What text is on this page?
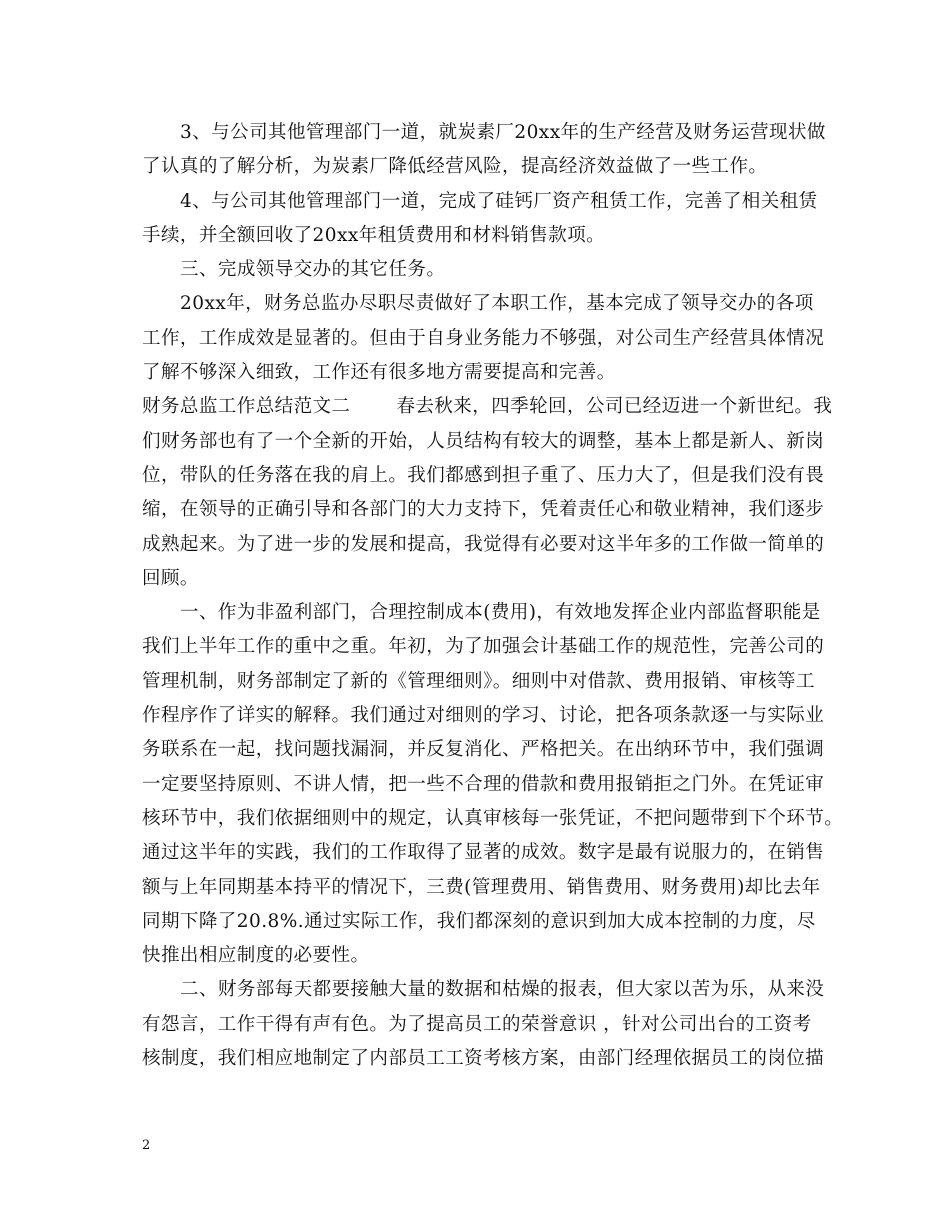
3、与公司其他管理部门一道，就炭素厂20xx年的生产经营及财务运营现状做
了认真的了解分析，为炭素厂降低经营风险，提高经济效益做了一些工作。
4、与公司其他管理部门一道，完成了硅钙厂资产租赁工作，完善了相关租赁
手续，并全额回收了20xx年租赁费用和材料销售款项。
三、完成领导交办的其它任务。
20xx年，财务总监办尽职尽责做好了本职工作，基本完成了领导交办的各项
工作，工作成效是显著的。但由于自身业务能力不够强，对公司生产经营具体情况
了解不够深入细致，工作还有很多地方需要提高和完善。
财务总监工作总结范文二 春去秋来，四季轮回，公司已经迈进一个新世纪。我
们财务部也有了一个全新的开始，人员结构有较大的调整，基本上都是新人、新岗
位，带队的任务落在我的肩上。我们都感到担子重了、压力大了，但是我们没有畏
缩，在领导的正确引导和各部门的大力支持下，凭着责任心和敬业精神，我们逐步
成熟起来。为了进一步的发展和提高，我觉得有必要对这半年多的工作做一简单的
回顾。
一、作为非盈利部门，合理控制成本(费用)，有效地发挥企业内部监督职能是
我们上半年工作的重中之重。年初，为了加强会计基础工作的规范性，完善公司的
管理机制，财务部制定了新的《管理细则》。细则中对借款、费用报销、审核等工
作程序作了详实的解释。我们通过对细则的学习、讨论，把各项条款逐一与实际业
务联系在一起，找问题找漏洞，并反复消化、严格把关。在出纳环节中，我们强调
一定要坚持原则、不讲人情，把一些不合理的借款和费用报销拒之门外。在凭证审
核环节中，我们依据细则中的规定，认真审核每一张凭证，不把问题带到下个环节。
通过这半年的实践，我们的工作取得了显著的成效。数字是最有说服力的，在销售
额与上年同期基本持平的情况下，三费(管理费用、销售费用、财务费用)却比去年
同期下降了20.8%.通过实际工作，我们都深刻的意识到加大成本控制的力度，尽
快推出相应制度的必要性。
二、财务部每天都要接触大量的数据和枯燥的报表，但大家以苦为乐，从来没
有怨言，工作干得有声有色。为了提高员工的荣誉意识 ，针对公司出台的工资考
核制度，我们相应地制定了内部员工工资考核方案，由部门经理依据员工的岗位描
2
